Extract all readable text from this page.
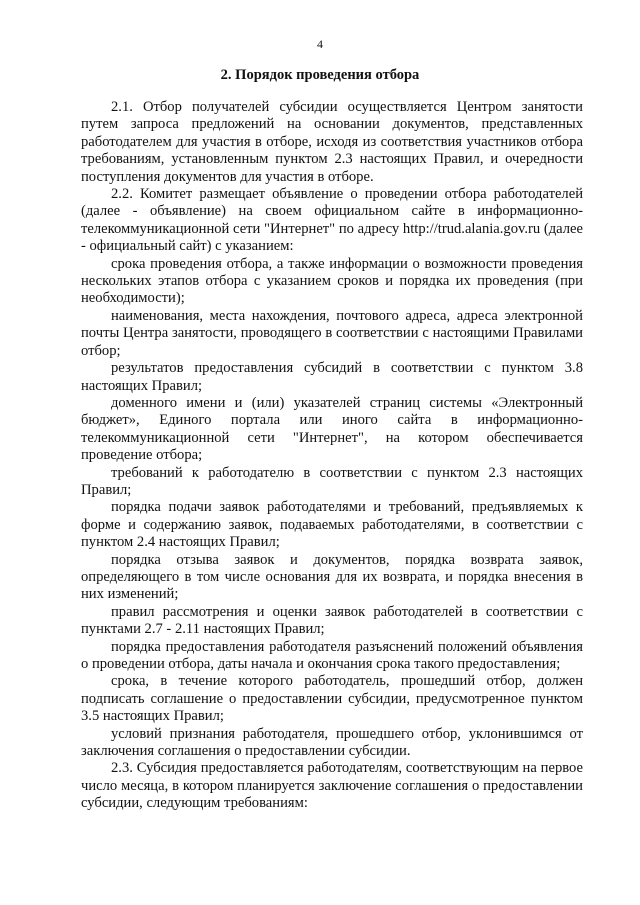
4
2. Порядок проведения отбора

2.1. Отбор получателей субсидии осуществляется Центром занятости путем запроса предложений на основании документов, представленных работодателем для участия в отборе, исходя из соответствия участников отбора требованиям, установленным пунктом 2.3 настоящих Правил, и очередности поступления документов для участия в отборе.

2.2. Комитет размещает объявление о проведении отбора работодателей (далее - объявление) на своем официальном сайте в информационно-телекоммуникационной сети "Интернет" по адресу http://trud.alania.gov.ru (далее - официальный сайт) с указанием:

срока проведения отбора, а также информации о возможности проведения нескольких этапов отбора с указанием сроков и порядка их проведения (при необходимости);

наименования, места нахождения, почтового адреса, адреса электронной почты Центра занятости, проводящего в соответствии с настоящими Правилами отбор;

результатов предоставления субсидий в соответствии с пунктом 3.8 настоящих Правил;

доменного имени и (или) указателей страниц системы «Электронный бюджет», Единого портала или иного сайта в информационно-телекоммуникационной сети "Интернет", на котором обеспечивается проведение отбора;

требований к работодателю в соответствии с пунктом 2.3 настоящих Правил;

порядка подачи заявок работодателями и требований, предъявляемых к форме и содержанию заявок, подаваемых работодателями, в соответствии с пунктом 2.4 настоящих Правил;

порядка отзыва заявок и документов, порядка возврата заявок, определяющего в том числе основания для их возврата, и порядка внесения в них изменений;

правил рассмотрения и оценки заявок работодателей в соответствии с пунктами 2.7 - 2.11 настоящих Правил;

порядка предоставления работодателя разъяснений положений объявления о проведении отбора, даты начала и окончания срока такого предоставления;

срока, в течение которого работодатель, прошедший отбор, должен подписать соглашение о предоставлении субсидии, предусмотренное пунктом 3.5 настоящих Правил;

условий признания работодателя, прошедшего отбор, уклонившимся от заключения соглашения о предоставлении субсидии.

2.3. Субсидия предоставляется работодателям, соответствующим на первое число месяца, в котором планируется заключение соглашения о предоставлении субсидии, следующим требованиям:
